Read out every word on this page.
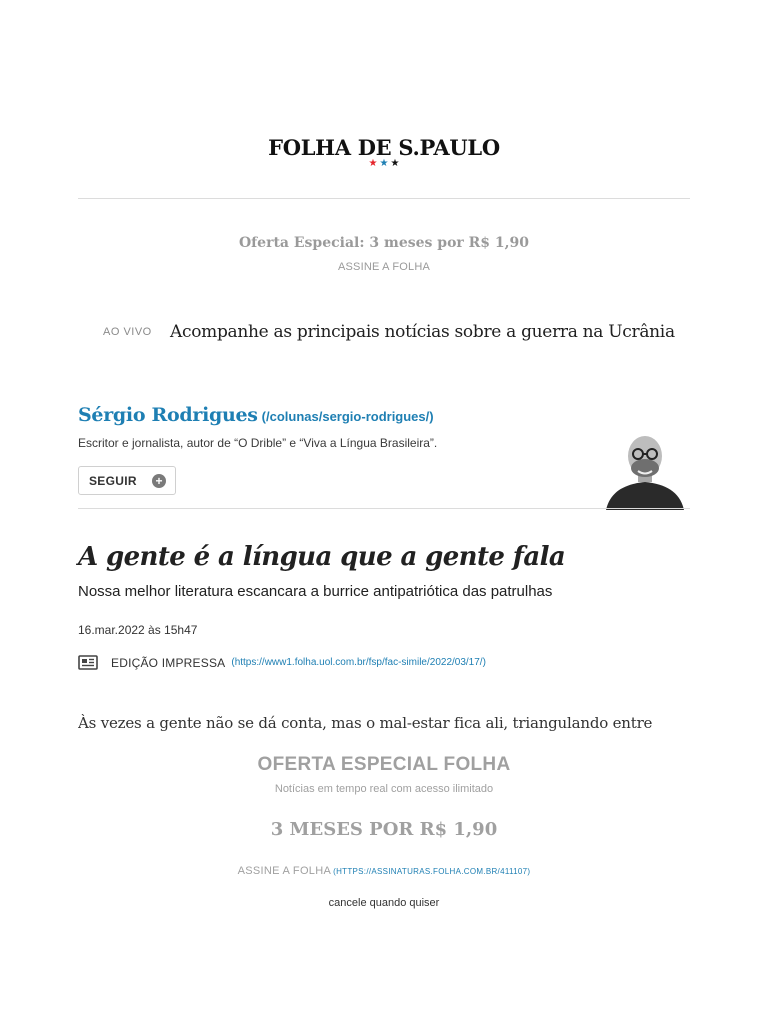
FOLHA DE S.PAULO
★ ★ ★
Oferta Especial: 3 meses por R$ 1,90
ASSINE A FOLHA
AO VIVO	Acompanhe as principais notícias sobre a guerra na Ucrânia
Sérgio Rodrigues (/colunas/sergio-rodrigues/)
Escritor e jornalista, autor de “O Drible” e “Viva a Língua Brasileira”.
SEGUIR +
A gente é a língua que a gente fala
Nossa melhor literatura escancara a burrice antipatriótica das patrulhas
16.mar.2022 às 15h47
EDIÇÃO IMPRESSA (https://www1.folha.uol.com.br/fsp/fac-simile/2022/03/17/)

Às vezes a gente não se dá conta, mas o mal-estar fica ali, triangulando entre

OFERTA ESPECIAL FOLHA
Notícias em tempo real com acesso ilimitado
3 MESES POR R$ 1,90
ASSINE A FOLHA (HTTPS://ASSINATURAS.FOLHA.COM.BR/411107)
cancele quando quiser
